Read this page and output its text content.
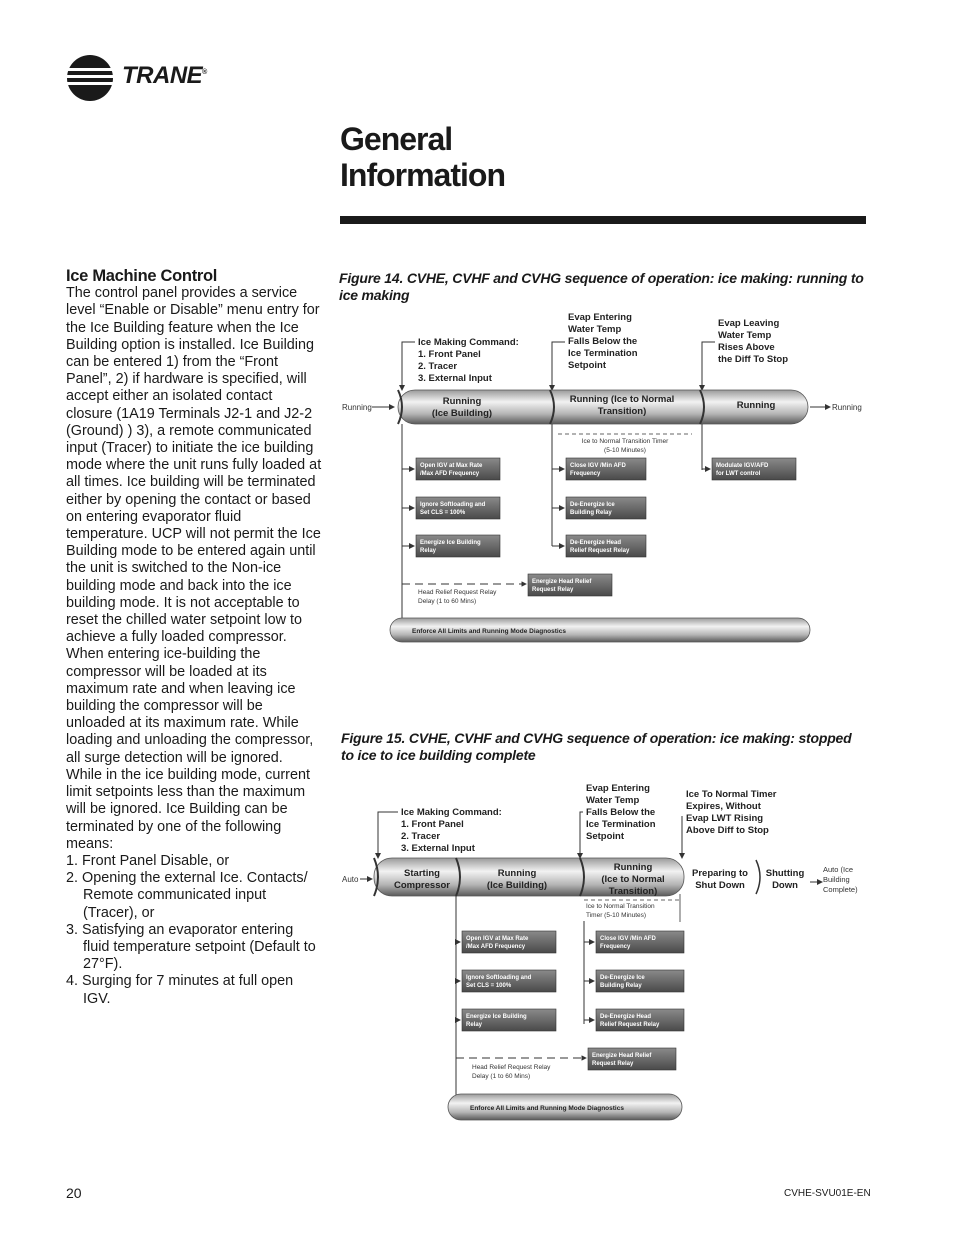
TRANE®
General
Information
Ice Machine Control

The control panel provides a service level “Enable or Disable” menu entry for the Ice Building feature when the Ice Building option is installed. Ice Building can be entered 1) from the “Front Panel”, 2) if hardware is specified, will accept either an isolated contact closure (1A19 Terminals J2-1 and J2-2 (Ground) ) 3), a remote communicated input (Tracer) to initiate the ice building mode where the unit runs fully loaded at all times. Ice building will be terminated either by opening the contact or based on entering evaporator fluid temperature. UCP will not permit the Ice Building mode to be entered again until the unit is switched to the Non-ice building mode and back into the ice building mode. It is not acceptable to reset the chilled water setpoint low to achieve a fully loaded compressor. When entering ice-building the compressor will be loaded at its maximum rate and when leaving ice building the compressor will be unloaded at its maximum rate. While loading and unloading the compressor, all surge detection will be ignored. While in the ice building mode, current limit setpoints less than the maximum will be ignored. Ice Building can be terminated by one of the following means:

1. Front Panel Disable, or
2. Opening the external Ice. Contacts/ Remote communicated input (Tracer), or
3. Satisfying an evaporator entering fluid temperature setpoint (Default to 27°F).
4. Surging for 7 minutes at full open IGV.
Figure 14. CVHE, CVHF and CVHG sequence of operation: ice making: running to ice making
Ice Making Command:
1. Front Panel
2. Tracer
3. External Input
Evap Entering
Water Temp
Falls Below the
Ice Termination
Setpoint
Evap Leaving
Water Temp
Rises Above
the Diff To Stop
Running	Running
Running
(Ice Building)
Running (Ice to Normal
Transition)
Running
Ice to Normal Transition Timer
(5-10 Minutes)
Open IGV at Max Rate
/Max AFD Frequency
Ignore Softloading and
Set CLS = 100%
Energize Ice Building
Relay
Close IGV /Min AFD
Frequency
De-Energize Ice
Building Relay
De-Energize Head
Relief Request Relay
Modulate IGV/AFD
for LWT control
Energize Head Relief
Request Relay
Head Relief Request Relay
Delay (1 to 60 Mins)
Enforce All Limits and Running Mode Diagnostics
Figure 15. CVHE, CVHF and CVHG sequence of operation: ice making: stopped to ice to ice building complete
Ice Making Command:
1. Front Panel
2. Tracer
3. External Input
Evap Entering
Water Temp
Falls Below the
Ice Termination
Setpoint
Ice To Normal Timer
Expires, Without
Evap LWT Rising
Above Diff to Stop
Auto
Starting
Compressor
Running
(Ice Building)
Running
(Ice to Normal
Transition)
Preparing to
Shut Down
Shutting
Down
Auto (Ice
Building
Complete)
Ice to Normal Transition
Timer (5-10 Minutes)
Open IGV at Max Rate
/Max AFD Frequency
Ignore Softloading and
Set CLS = 100%
Energize Ice Building
Relay
Close IGV /Min AFD
Frequency
De-Energize Ice
Building Relay
De-Energize Head
Relief Request Relay
Energize Head Relief
Request Relay
Head Relief Request Relay
Delay (1 to 60 Mins)
Enforce All Limits and Running Mode Diagnostics
20	CVHE-SVU01E-EN
